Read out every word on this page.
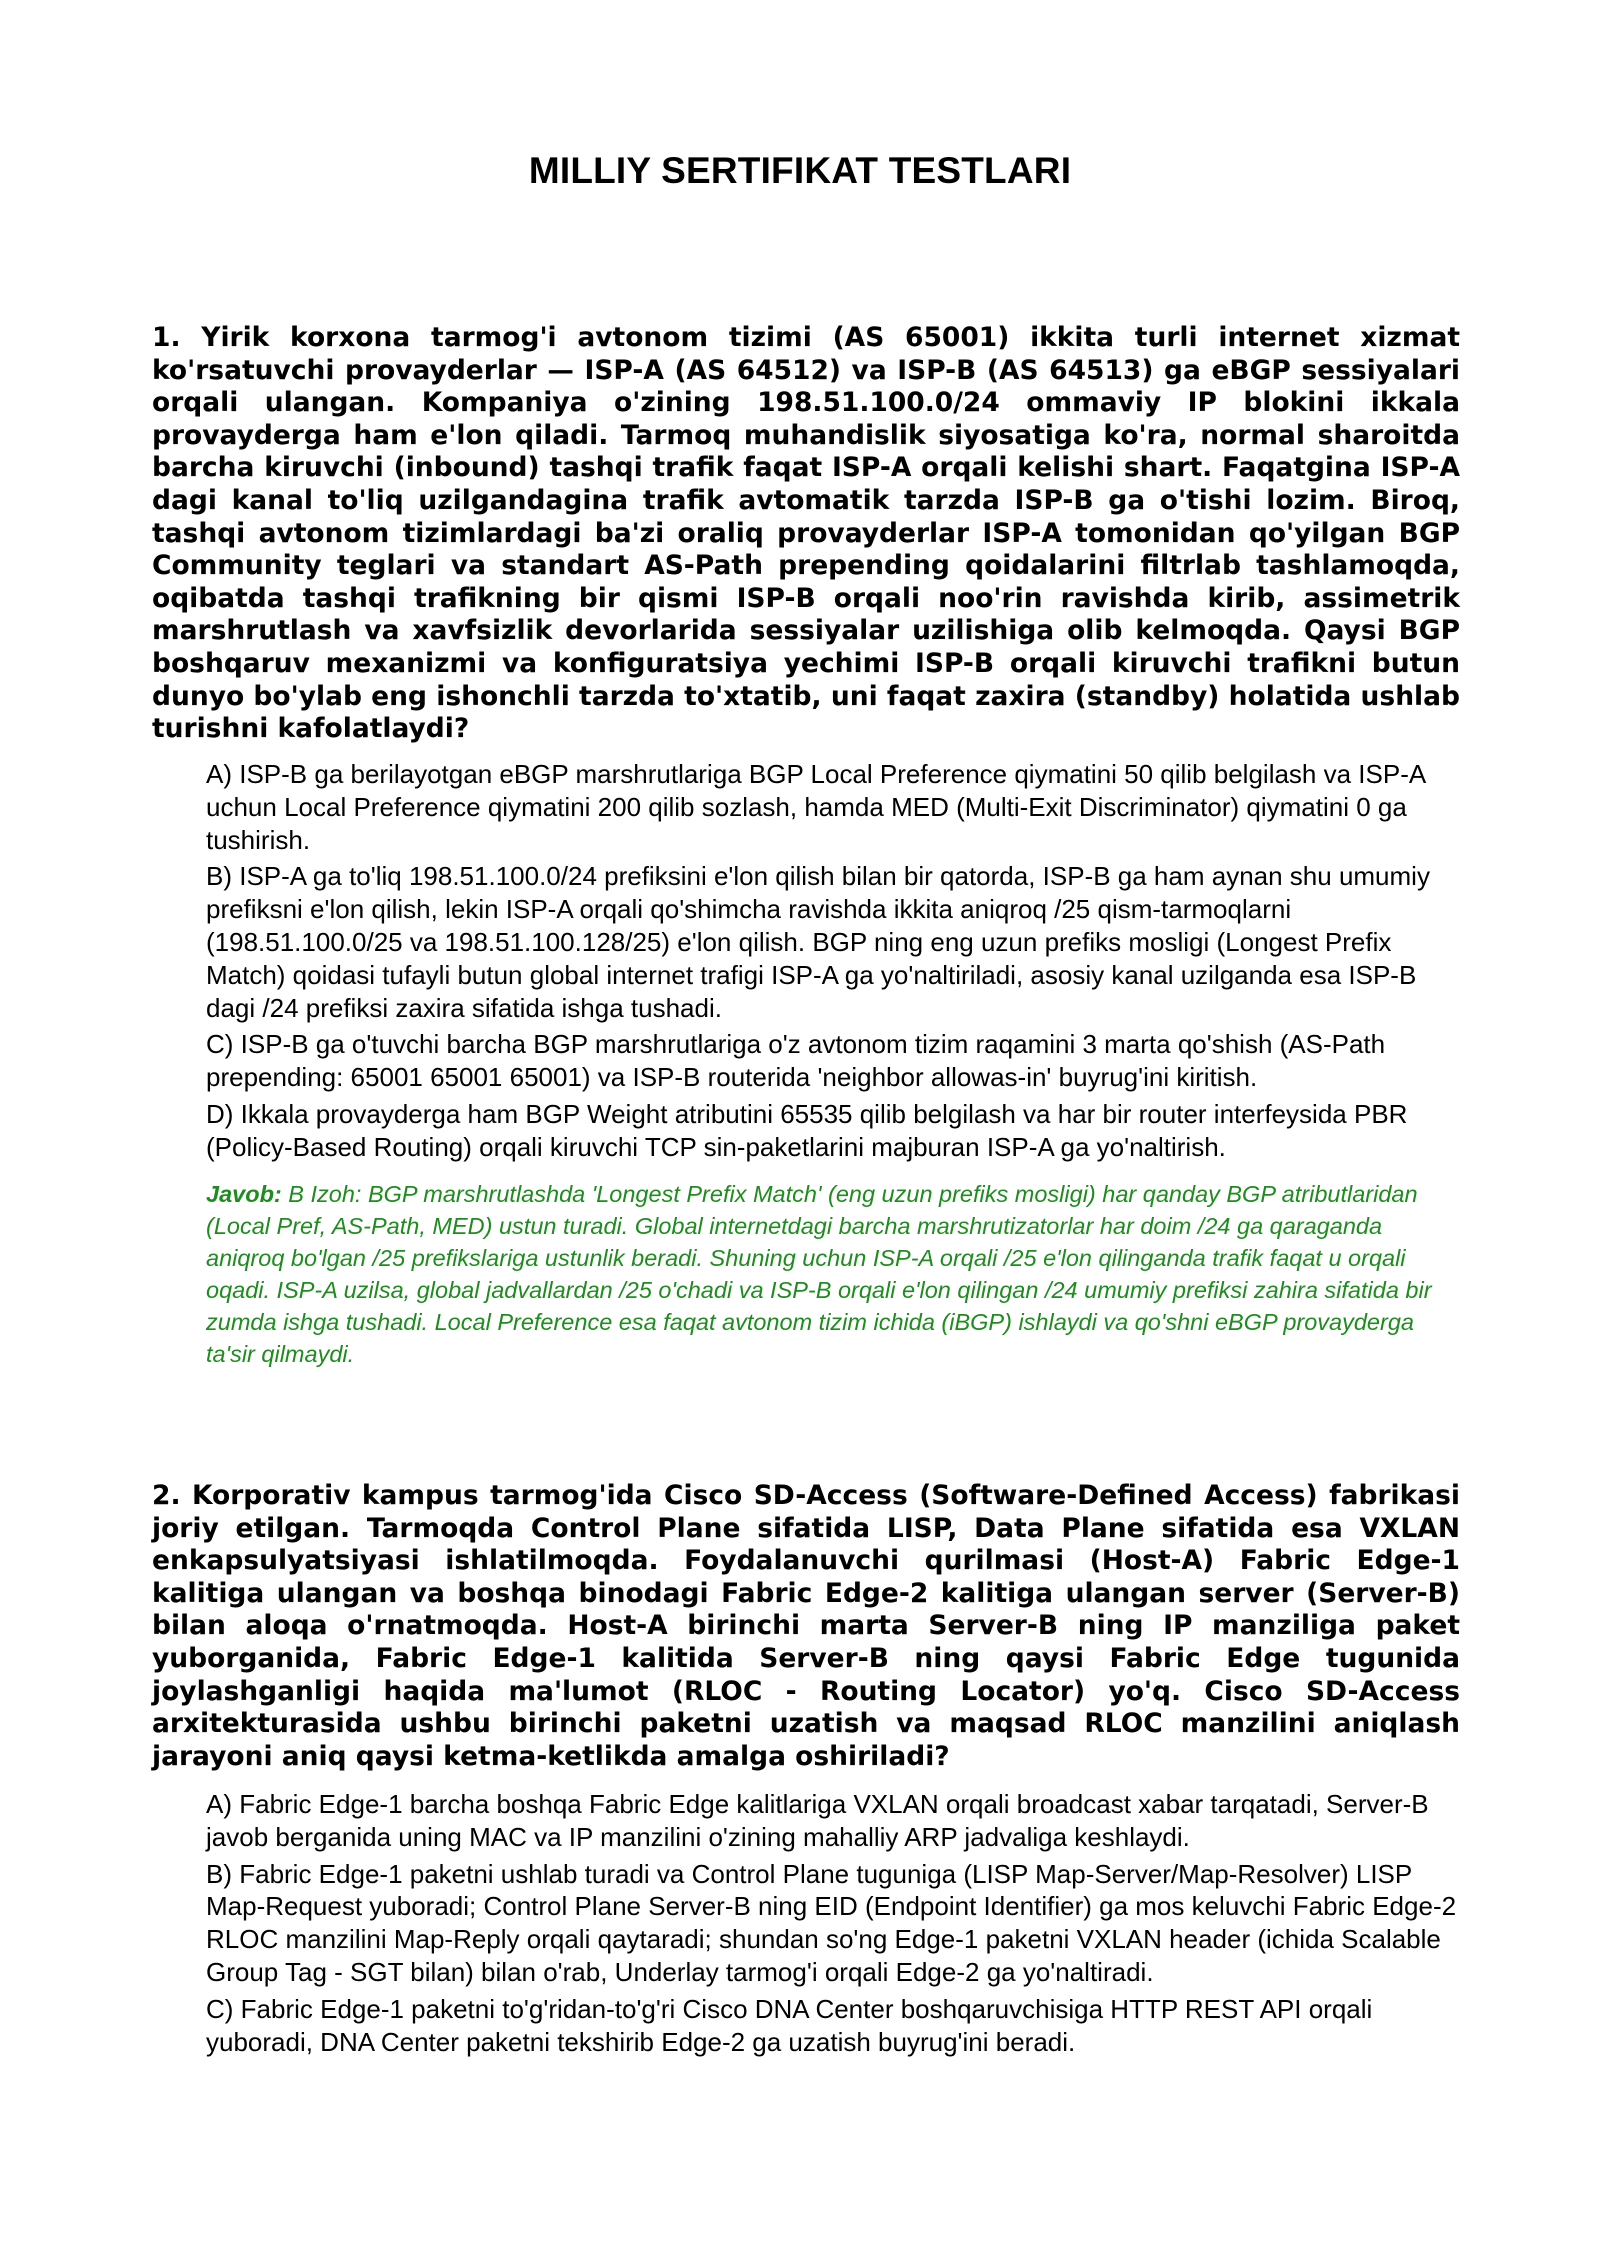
MILLIY SERTIFIKAT TESTLARI

1. Yirik korxona tarmog'i avtonom tizimi (AS 65001) ikkita turli internet xizmat ko'rsatuvchi provayderlar — ISP-A (AS 64512) va ISP-B (AS 64513) ga eBGP sessiyalari orqali ulangan. Kompaniya o'zining 198.51.100.0/24 ommaviy IP blokini ikkala provayderga ham e'lon qiladi. Tarmoq muhandislik siyosatiga ko'ra, normal sharoitda barcha kiruvchi (inbound) tashqi trafik faqat ISP-A orqali kelishi shart. Faqatgina ISP-A dagi kanal to'liq uzilgandagina trafik avtomatik tarzda ISP-B ga o'tishi lozim. Biroq, tashqi avtonom tizimlardagi ba'zi oraliq provayderlar ISP-A tomonidan qo'yilgan BGP Community teglari va standart AS-Path prepending qoidalarini filtrlab tashlamoqda, oqibatda tashqi trafikning bir qismi ISP-B orqali noo'rin ravishda kirib, assimetrik marshrutlash va xavfsizlik devorlarida sessiyalar uzilishiga olib kelmoqda. Qaysi BGP boshqaruv mexanizmi va konfiguratsiya yechimi ISP-B orqali kiruvchi trafikni butun dunyo bo'ylab eng ishonchli tarzda to'xtatib, uni faqat zaxira (standby) holatida ushlab turishni kafolatlaydi?

A) ISP-B ga berilayotgan eBGP marshrutlariga BGP Local Preference qiymatini 50 qilib belgilash va ISP-A uchun Local Preference qiymatini 200 qilib sozlash, hamda MED (Multi-Exit Discriminator) qiymatini 0 ga tushirish.

B) ISP-A ga to'liq 198.51.100.0/24 prefiksini e'lon qilish bilan bir qatorda, ISP-B ga ham aynan shu umumiy prefiksni e'lon qilish, lekin ISP-A orqali qo'shimcha ravishda ikkita aniqroq /25 qism-tarmoqlarni (198.51.100.0/25 va 198.51.100.128/25) e'lon qilish. BGP ning eng uzun prefiks mosligi (Longest Prefix Match) qoidasi tufayli butun global internet trafigi ISP-A ga yo'naltiriladi, asosiy kanal uzilganda esa ISP-B dagi /24 prefiksi zaxira sifatida ishga tushadi.

C) ISP-B ga o'tuvchi barcha BGP marshrutlariga o'z avtonom tizim raqamini 3 marta qo'shish (AS-Path prepending: 65001 65001 65001) va ISP-B routerida 'neighbor allowas-in' buyrug'ini kiritish.

D) Ikkala provayderga ham BGP Weight atributini 65535 qilib belgilash va har bir router interfeysida PBR (Policy-Based Routing) orqali kiruvchi TCP sin-paketlarini majburan ISP-A ga yo'naltirish.

Javob: B Izoh: BGP marshrutlashda 'Longest Prefix Match' (eng uzun prefiks mosligi) har qanday BGP atributlaridan (Local Pref, AS-Path, MED) ustun turadi. Global internetdagi barcha marshrutizatorlar har doim /24 ga qaraganda aniqroq bo'lgan /25 prefikslariga ustunlik beradi. Shuning uchun ISP-A orqali /25 e'lon qilinganda trafik faqat u orqali oqadi. ISP-A uzilsa, global jadvallardan /25 o'chadi va ISP-B orqali e'lon qilingan /24 umumiy prefiksi zahira sifatida bir zumda ishga tushadi. Local Preference esa faqat avtonom tizim ichida (iBGP) ishlaydi va qo'shni eBGP provayderga ta'sir qilmaydi.

2. Korporativ kampus tarmog'ida Cisco SD-Access (Software-Defined Access) fabrikasi joriy etilgan. Tarmoqda Control Plane sifatida LISP, Data Plane sifatida esa VXLAN enkapsulyatsiyasi ishlatilmoqda. Foydalanuvchi qurilmasi (Host-A) Fabric Edge-1 kalitiga ulangan va boshqa binodagi Fabric Edge-2 kalitiga ulangan server (Server-B) bilan aloqa o'rnatmoqda. Host-A birinchi marta Server-B ning IP manziliga paket yuborganida, Fabric Edge-1 kalitida Server-B ning qaysi Fabric Edge tugunida joylashganligi haqida ma'lumot (RLOC - Routing Locator) yo'q. Cisco SD-Access arxitekturasida ushbu birinchi paketni uzatish va maqsad RLOC manzilini aniqlash jarayoni aniq qaysi ketma-ketlikda amalga oshiriladi?

A) Fabric Edge-1 barcha boshqa Fabric Edge kalitlariga VXLAN orqali broadcast xabar tarqatadi, Server-B javob berganida uning MAC va IP manzilini o'zining mahalliy ARP jadvaliga keshlaydi.

B) Fabric Edge-1 paketni ushlab turadi va Control Plane tuguniga (LISP Map-Server/Map-Resolver) LISP Map-Request yuboradi; Control Plane Server-B ning EID (Endpoint Identifier) ga mos keluvchi Fabric Edge-2 RLOC manzilini Map-Reply orqali qaytaradi; shundan so'ng Edge-1 paketni VXLAN header (ichida Scalable Group Tag - SGT bilan) bilan o'rab, Underlay tarmog'i orqali Edge-2 ga yo'naltiradi.

C) Fabric Edge-1 paketni to'g'ridan-to'g'ri Cisco DNA Center boshqaruvchisiga HTTP REST API orqali yuboradi, DNA Center paketni tekshirib Edge-2 ga uzatish buyrug'ini beradi.
